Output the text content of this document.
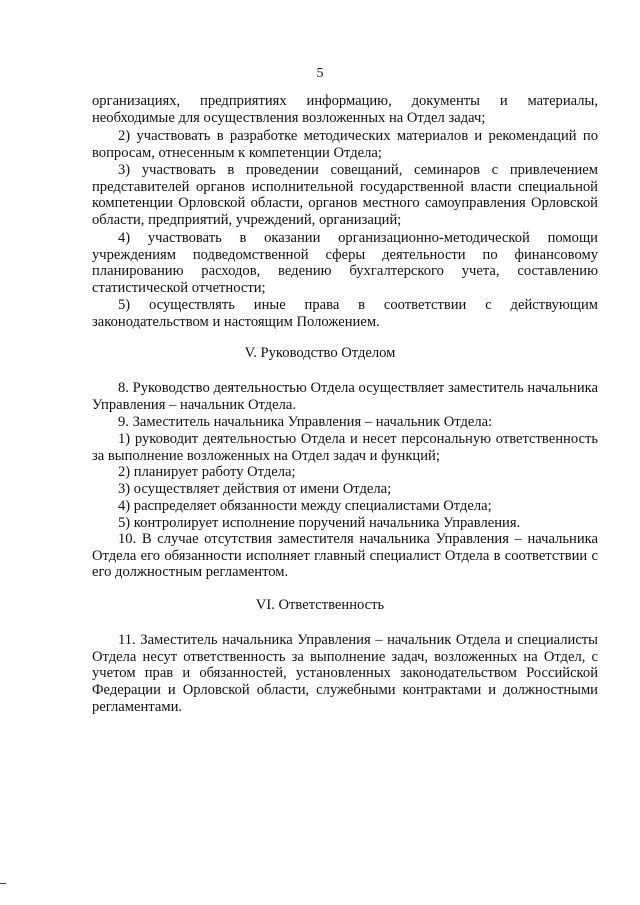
5

организациях, предприятиях информацию, документы и материалы, необходимые для осуществления возложенных на Отдел задач;

2) участвовать в разработке методических материалов и рекомендаций по вопросам, отнесенным к компетенции Отдела;

3) участвовать в проведении совещаний, семинаров с привлечением представителей органов исполнительной государственной власти специальной компетенции Орловской области, органов местного самоуправления Орловской области, предприятий, учреждений, организаций;

4) участвовать в оказании организационно-методической помощи учреждениям подведомственной сферы деятельности по финансовому планированию расходов, ведению бухгалтерского учета, составлению статистической отчетности;

5) осуществлять иные права в соответствии с действующим законодательством и настоящим Положением.

V. Руководство Отделом

8. Руководство деятельностью Отдела осуществляет заместитель начальника Управления – начальник Отдела.

9. Заместитель начальника Управления – начальник Отдела:

1) руководит деятельностью Отдела и несет персональную ответственность за выполнение возложенных на Отдел задач и функций;

2) планирует работу Отдела;

3) осуществляет действия от имени Отдела;

4) распределяет обязанности между специалистами Отдела;

5) контролирует исполнение поручений начальника Управления.

10. В случае отсутствия заместителя начальника Управления – начальника Отдела его обязанности исполняет главный специалист Отдела в соответствии с его должностным регламентом.

VI. Ответственность

11. Заместитель начальника Управления – начальник Отдела и специалисты Отдела несут ответственность за выполнение задач, возложенных на Отдел, с учетом прав и обязанностей, установленных законодательством Российской Федерации и Орловской области, служебными контрактами и должностными регламентами.
